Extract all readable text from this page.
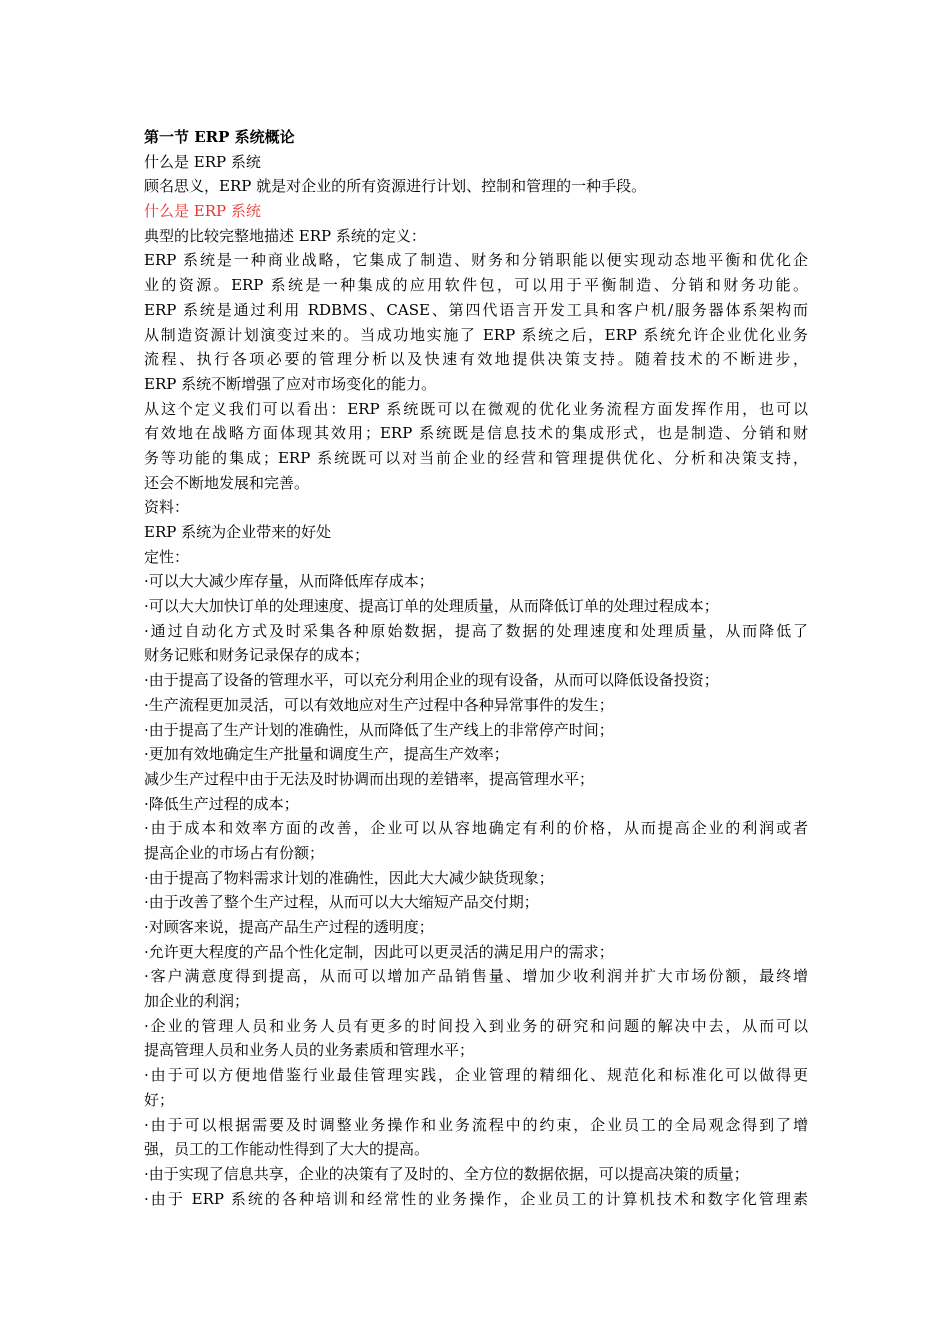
第一节 ERP 系统概论
什么是 ERP 系统
顾名思义，ERP 就是对企业的所有资源进行计划、控制和管理的一种手段。
什么是 ERP 系统
典型的比较完整地描述 ERP 系统的定义：
ERP 系统是一种商业战略，它集成了制造、财务和分销职能以便实现动态地平衡和优化企
业的资源。ERP 系统是一种集成的应用软件包，可以用于平衡制造、分销和财务功能。
ERP 系统是通过利用 RDBMS、CASE、第四代语言开发工具和客户机/服务器体系架构而
从制造资源计划演变过来的。当成功地实施了 ERP 系统之后，ERP 系统允许企业优化业务
流程、执行各项必要的管理分析以及快速有效地提供决策支持。随着技术的不断进步，
ERP 系统不断增强了应对市场变化的能力。
从这个定义我们可以看出：ERP 系统既可以在微观的优化业务流程方面发挥作用，也可以
有效地在战略方面体现其效用；ERP 系统既是信息技术的集成形式，也是制造、分销和财
务等功能的集成；ERP 系统既可以对当前企业的经营和管理提供优化、分析和决策支持，
还会不断地发展和完善。
资料：
ERP 系统为企业带来的好处
定性：
·可以大大减少库存量，从而降低库存成本；
·可以大大加快订单的处理速度、提高订单的处理质量，从而降低订单的处理过程成本；
·通过自动化方式及时采集各种原始数据，提高了数据的处理速度和处理质量，从而降低了
财务记账和财务记录保存的成本；
·由于提高了设备的管理水平，可以充分利用企业的现有设备，从而可以降低设备投资；
·生产流程更加灵活，可以有效地应对生产过程中各种异常事件的发生；
·由于提高了生产计划的准确性，从而降低了生产线上的非常停产时间；
·更加有效地确定生产批量和调度生产，提高生产效率；
减少生产过程中由于无法及时协调而出现的差错率，提高管理水平；
·降低生产过程的成本；
·由于成本和效率方面的改善，企业可以从容地确定有利的价格，从而提高企业的利润或者
提高企业的市场占有份额；
·由于提高了物料需求计划的准确性，因此大大减少缺货现象；
·由于改善了整个生产过程，从而可以大大缩短产品交付期；
·对顾客来说，提高产品生产过程的透明度；
·允许更大程度的产品个性化定制，因此可以更灵活的满足用户的需求；
·客户满意度得到提高，从而可以增加产品销售量、增加少收利润并扩大市场份额，最终增
加企业的利润；
·企业的管理人员和业务人员有更多的时间投入到业务的研究和问题的解决中去，从而可以
提高管理人员和业务人员的业务素质和管理水平；
·由于可以方便地借鉴行业最佳管理实践，企业管理的精细化、规范化和标准化可以做得更
好；
·由于可以根据需要及时调整业务操作和业务流程中的约束，企业员工的全局观念得到了增
强，员工的工作能动性得到了大大的提高。
·由于实现了信息共享，企业的决策有了及时的、全方位的数据依据，可以提高决策的质量；
·由于 ERP 系统的各种培训和经常性的业务操作，企业员工的计算机技术和数字化管理素
